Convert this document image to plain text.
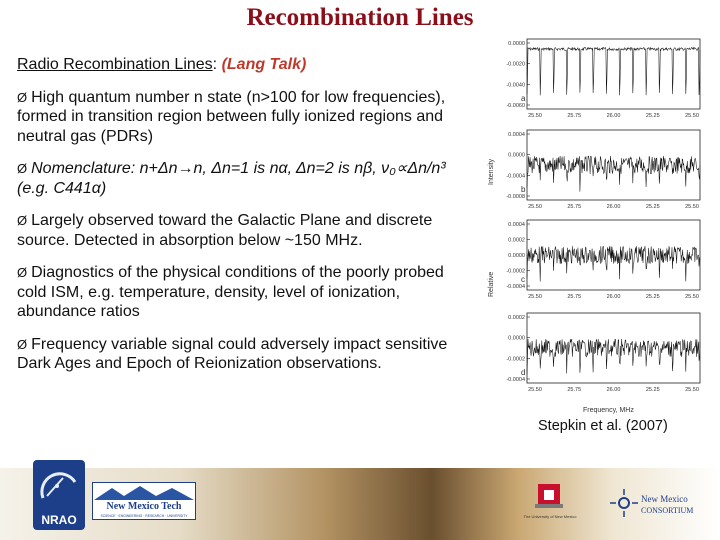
Recombination Lines

Radio Recombination Lines: (Lang Talk)

Ø High quantum number n state (n>100 for low frequencies), formed in transition region between fully ionized regions and neutral gas (PDRs)

Ø Nomenclature: n+Δn→n, Δn=1 is nα, Δn=2 is nβ, ν₀∝Δn/n³ (e.g. C441α)

Ø Largely observed toward the Galactic Plane and discrete source. Detected in absorption below ~150 MHz.

Ø Diagnostics of the physical conditions of the poorly probed cold ISM, e.g. temperature, density, level of ionization, abundance ratios

Ø Frequency variable signal could adversely impact sensitive Dark Ages and Epoch of Reionization observations.

Intensity
Relative
0.0000
-0.0020
-0.0040
-0.0060
a
25.50	25.75	26.00	25.25	25.50
0.0004
0.0000
-0.0004
-0.0008
b
25.50	25.75	26.00	25.25	25.50
0.0004
0.0002
0.0000
-0.0002
-0.0004
c
25.50	25.75	26.00	25.25	25.50
0.0002
0.0000
-0.0002
-0.0004
d
25.50	25.75	26.00	25.25	25.50
Frequency, MHz
Stepkin et al. (2007)
NRAO
New Mexico Tech
SCIENCE · ENGINEERING · RESEARCH · UNIVERSITY	The University of New Mexico
New Mexico
CONSORTIUM
